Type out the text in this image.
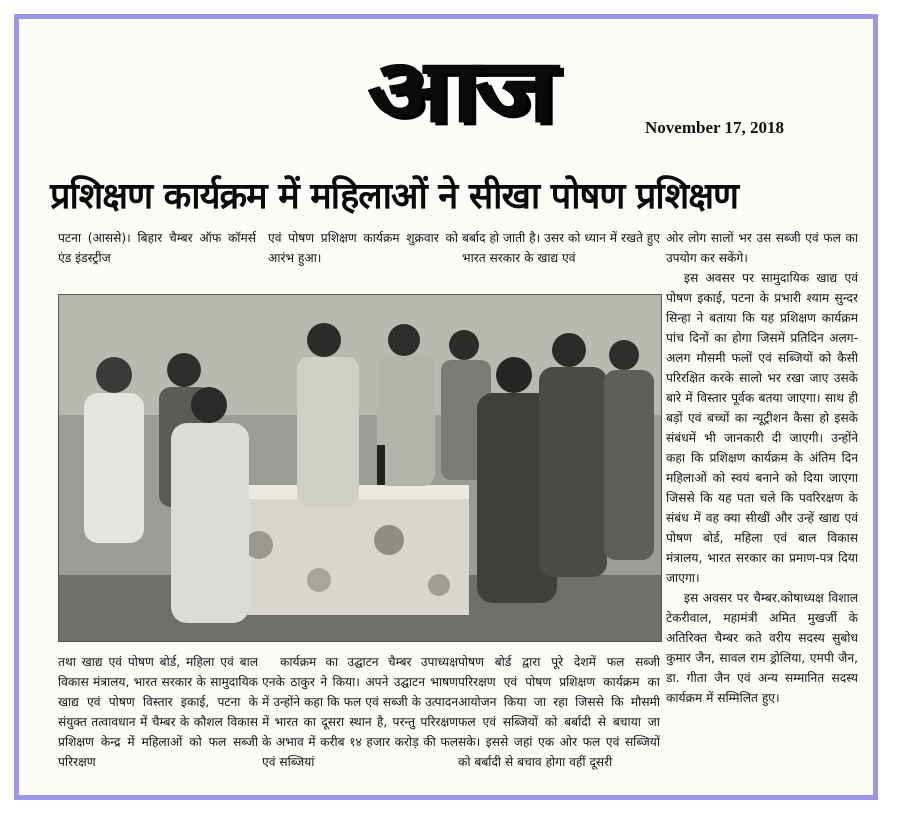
आज	November 17, 2018
प्रशिक्षण कार्यक्रम में महिलाओं ने सीखा पोषण प्रशिक्षण

पटना (आससे)। बिहार चैम्बर ऑफ कॉमर्स एंड इंडस्ट्रीज

एवं पोषण प्रशिक्षण कार्यक्रम शुक्रवार को आरंभ हुआ।

बर्बाद हो जाती है। उसर को ध्यान में रखते हुए भारत सरकार के खाद्य एवं

ओर लोग सालों भर उस सब्जी एवं फल का उपयोग कर सकेंगे।

इस अवसर पर सामुदायिक खाद्य एवं पोषण इकाई, पटना के प्रभारी श्याम सुन्दर सिन्हा ने बताया कि यह प्रशिक्षण कार्यक्रम पांच दिनों का होगा जिसमें प्रतिदिन अलग-अलग मौसमी फलों एवं सब्जियों को कैसी परिरक्षित करके सालो भर रखा जाए उसके बारे में विस्तार पूर्वक बतया जाएगा। साथ ही बड़ों एवं बच्चों का न्यूट्रीशन कैसा हो इसके संबंधमें भी जानकारी दी जाएगी। उन्होंने कहा कि प्रशिक्षण कार्यक्रम के अंतिम दिन महिलाओं को स्वयं बनाने को दिया जाएगा जिससे कि यह पता चले कि पवरिरक्षण के संबंध में वह क्या सीखीं और उन्हें खाद्य एवं पोषण बोर्ड, महिला एवं बाल विकास मंत्रालय, भारत सरकार का प्रमाण-पत्र दिया जाएगा।

इस अवसर पर चैम्बर.कोषाध्यक्ष विशाल टेकरीवाल, महामंत्री अमित मुखर्जी के अतिरिक्त चैम्बर कते वरीय सदस्य सुबोध कुमार जैन, सावल राम ड्रोलिया, एमपी जैन, डा. गीता जैन एवं अन्य सम्मानित सदस्य कार्यक्रम में सम्मिलित हुए।

तथा खाद्य एवं पोषण बोर्ड, महिला एवं बाल विकास मंत्रालय, भारत सरकार के सामुदायिक खाद्य एवं पोषण विस्तार इकाई, पटना के संयुक्त तत्वावधान में चैम्बर के कौशल विकास प्रशिक्षण केन्द्र में महिलाओं को फल सब्जी परिरक्षण

कार्यक्रम का उद्घाटन चैम्बर उपाध्यक्ष एनके ठाकुर ने किया। अपने उद्घाटन भाषण में उन्होंने कहा कि फल एवं सब्जी के उत्पादन में भारत का दूसरा स्थान है, परन्तु परिरक्षण के अभाव में करीब १४ हजार करोड़ की फल एवं सब्जियां

पोषण बोर्ड द्वारा पूरे देशमें फल सब्जी परिरक्षण एवं पोषण प्रशिक्षण कार्यक्रम का आयोजन किया जा रहा जिससे कि मौसमी फल एवं सब्जियों को बर्बादी से बचाया जा सके। इससे जहां एक ओर फल एवं सब्जियों को बर्बादी से बचाव होगा वहीं दूसरी
